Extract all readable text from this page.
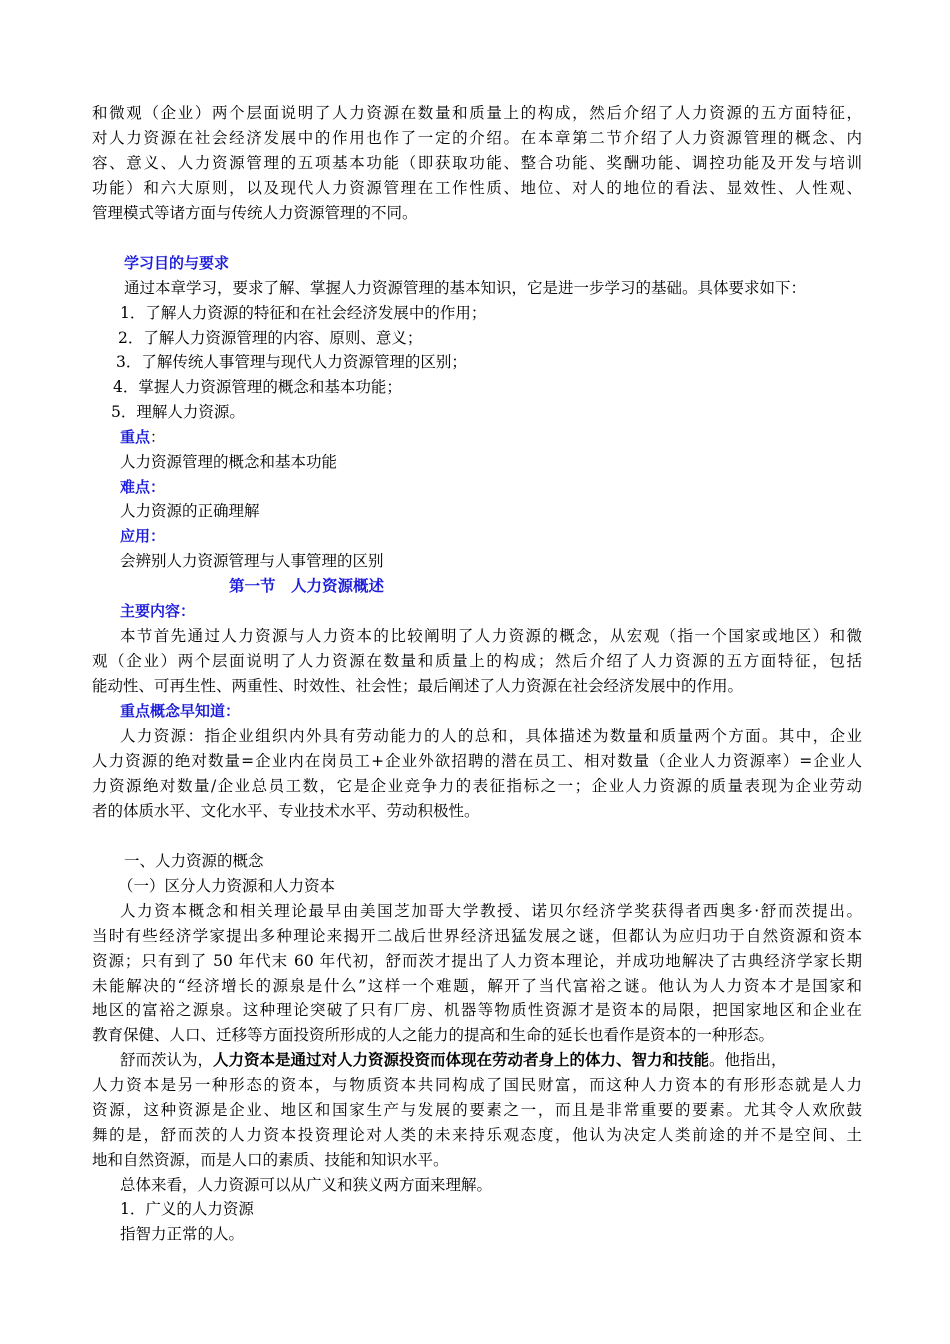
和微观（企业）两个层面说明了人力资源在数量和质量上的构成，然后介绍了人力资源的五方面特征，
对人力资源在社会经济发展中的作用也作了一定的介绍。在本章第二节介绍了人力资源管理的概念、内
容、意义、人力资源管理的五项基本功能（即获取功能、整合功能、奖酬功能、调控功能及开发与培训
功能）和六大原则，以及现代人力资源管理在工作性质、地位、对人的地位的看法、显效性、人性观、
管理模式等诸方面与传统人力资源管理的不同。
学习目的与要求
通过本章学习，要求了解、掌握人力资源管理的基本知识，它是进一步学习的基础。具体要求如下：
1．了解人力资源的特征和在社会经济发展中的作用；
2．了解人力资源管理的内容、原则、意义；
3．了解传统人事管理与现代人力资源管理的区别；
4．掌握人力资源管理的概念和基本功能；
5．理解人力资源。
重点：
人力资源管理的概念和基本功能
难点：
人力资源的正确理解
应用：
会辨别人力资源管理与人事管理的区别
第一节　人力资源概述
主要内容：
本节首先通过人力资源与人力资本的比较阐明了人力资源的概念，从宏观（指一个国家或地区）和微
观（企业）两个层面说明了人力资源在数量和质量上的构成；然后介绍了人力资源的五方面特征，包括
能动性、可再生性、两重性、时效性、社会性；最后阐述了人力资源在社会经济发展中的作用。
重点概念早知道：
人力资源：指企业组织内外具有劳动能力的人的总和，具体描述为数量和质量两个方面。其中，企业
人力资源的绝对数量=企业内在岗员工+企业外欲招聘的潜在员工、相对数量（企业人力资源率）=企业人
力资源绝对数量/企业总员工数，它是企业竞争力的表征指标之一；企业人力资源的质量表现为企业劳动
者的体质水平、文化水平、专业技术水平、劳动积极性。
一、人力资源的概念
（一）区分人力资源和人力资本
人力资本概念和相关理论最早由美国芝加哥大学教授、诺贝尔经济学奖获得者西奥多·舒而茨提出。
当时有些经济学家提出多种理论来揭开二战后世界经济迅猛发展之谜，但都认为应归功于自然资源和资本
资源；只有到了 50 年代末 60 年代初，舒而茨才提出了人力资本理论，并成功地解决了古典经济学家长期
未能解决的“经济增长的源泉是什么”这样一个难题，解开了当代富裕之谜。他认为人力资本才是国家和
地区的富裕之源泉。这种理论突破了只有厂房、机器等物质性资源才是资本的局限，把国家地区和企业在
教育保健、人口、迁移等方面投资所形成的人之能力的提高和生命的延长也看作是资本的一种形态。
舒而茨认为，人力资本是通过对人力资源投资而体现在劳动者身上的体力、智力和技能。他指出，
人力资本是另一种形态的资本，与物质资本共同构成了国民财富，而这种人力资本的有形形态就是人力
资源，这种资源是企业、地区和国家生产与发展的要素之一，而且是非常重要的要素。尤其令人欢欣鼓
舞的是，舒而茨的人力资本投资理论对人类的未来持乐观态度，他认为决定人类前途的并不是空间、土
地和自然资源，而是人口的素质、技能和知识水平。
总体来看，人力资源可以从广义和狭义两方面来理解。
1．广义的人力资源
指智力正常的人。
